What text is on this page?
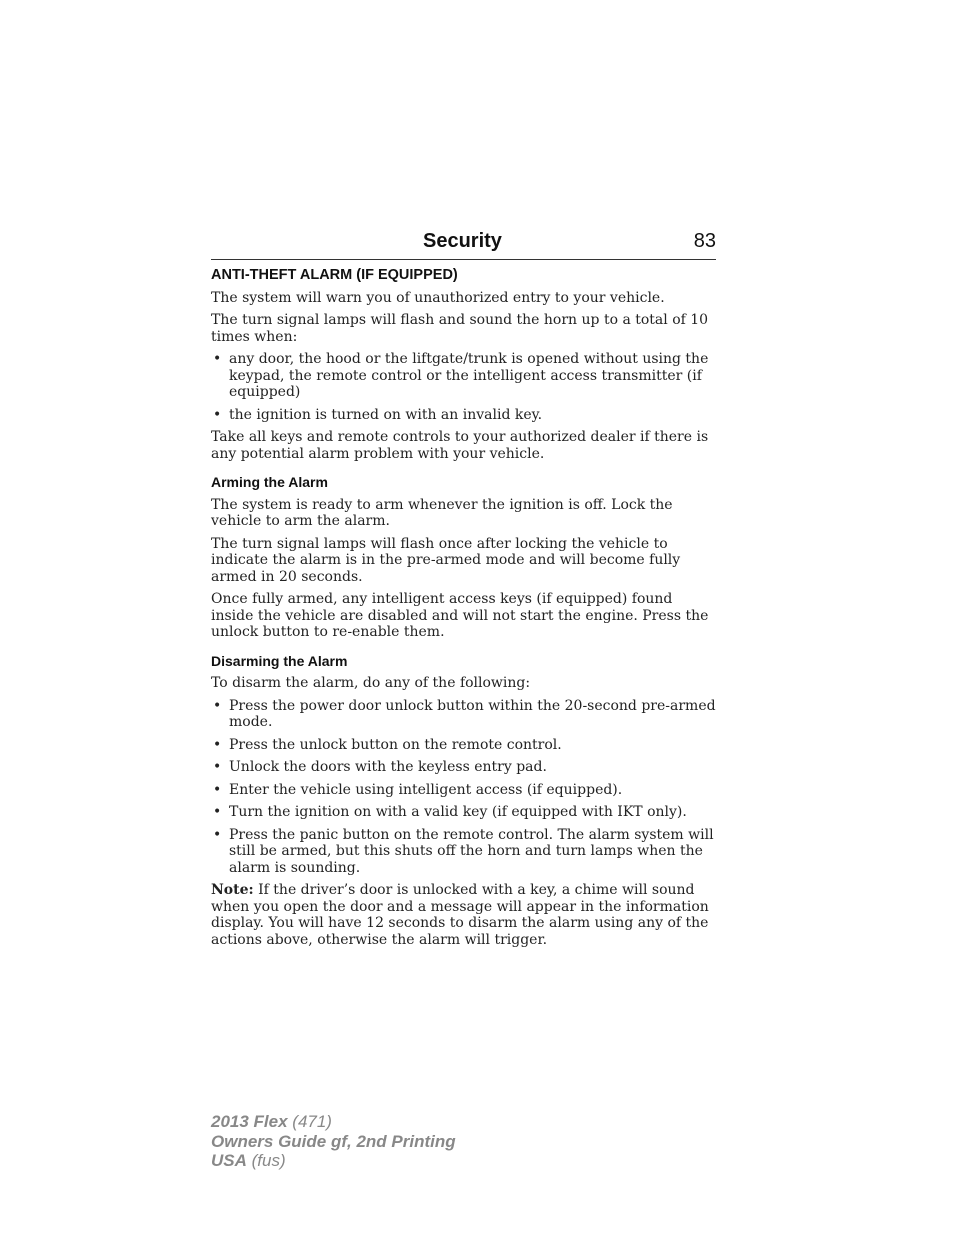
Security	83
ANTI-THEFT ALARM (IF EQUIPPED)

The system will warn you of unauthorized entry to your vehicle.

The turn signal lamps will flash and sound the horn up to a total of 10 times when:

• any door, the hood or the liftgate/trunk is opened without using the keypad, the remote control or the intelligent access transmitter (if equipped)
• the ignition is turned on with an invalid key.

Take all keys and remote controls to your authorized dealer if there is any potential alarm problem with your vehicle.

Arming the Alarm

The system is ready to arm whenever the ignition is off. Lock the vehicle to arm the alarm.

The turn signal lamps will flash once after locking the vehicle to indicate the alarm is in the pre-armed mode and will become fully armed in 20 seconds.

Once fully armed, any intelligent access keys (if equipped) found inside the vehicle are disabled and will not start the engine. Press the unlock button to re-enable them.

Disarming the Alarm

To disarm the alarm, do any of the following:

• Press the power door unlock button within the 20-second pre-armed mode.
• Press the unlock button on the remote control.
• Unlock the doors with the keyless entry pad.
• Enter the vehicle using intelligent access (if equipped).
• Turn the ignition on with a valid key (if equipped with IKT only).
• Press the panic button on the remote control. The alarm system will still be armed, but this shuts off the horn and turn lamps when the alarm is sounding.

Note: If the driver’s door is unlocked with a key, a chime will sound when you open the door and a message will appear in the information display. You will have 12 seconds to disarm the alarm using any of the actions above, otherwise the alarm will trigger.

2013 Flex (471)
Owners Guide gf, 2nd Printing
USA (fus)
